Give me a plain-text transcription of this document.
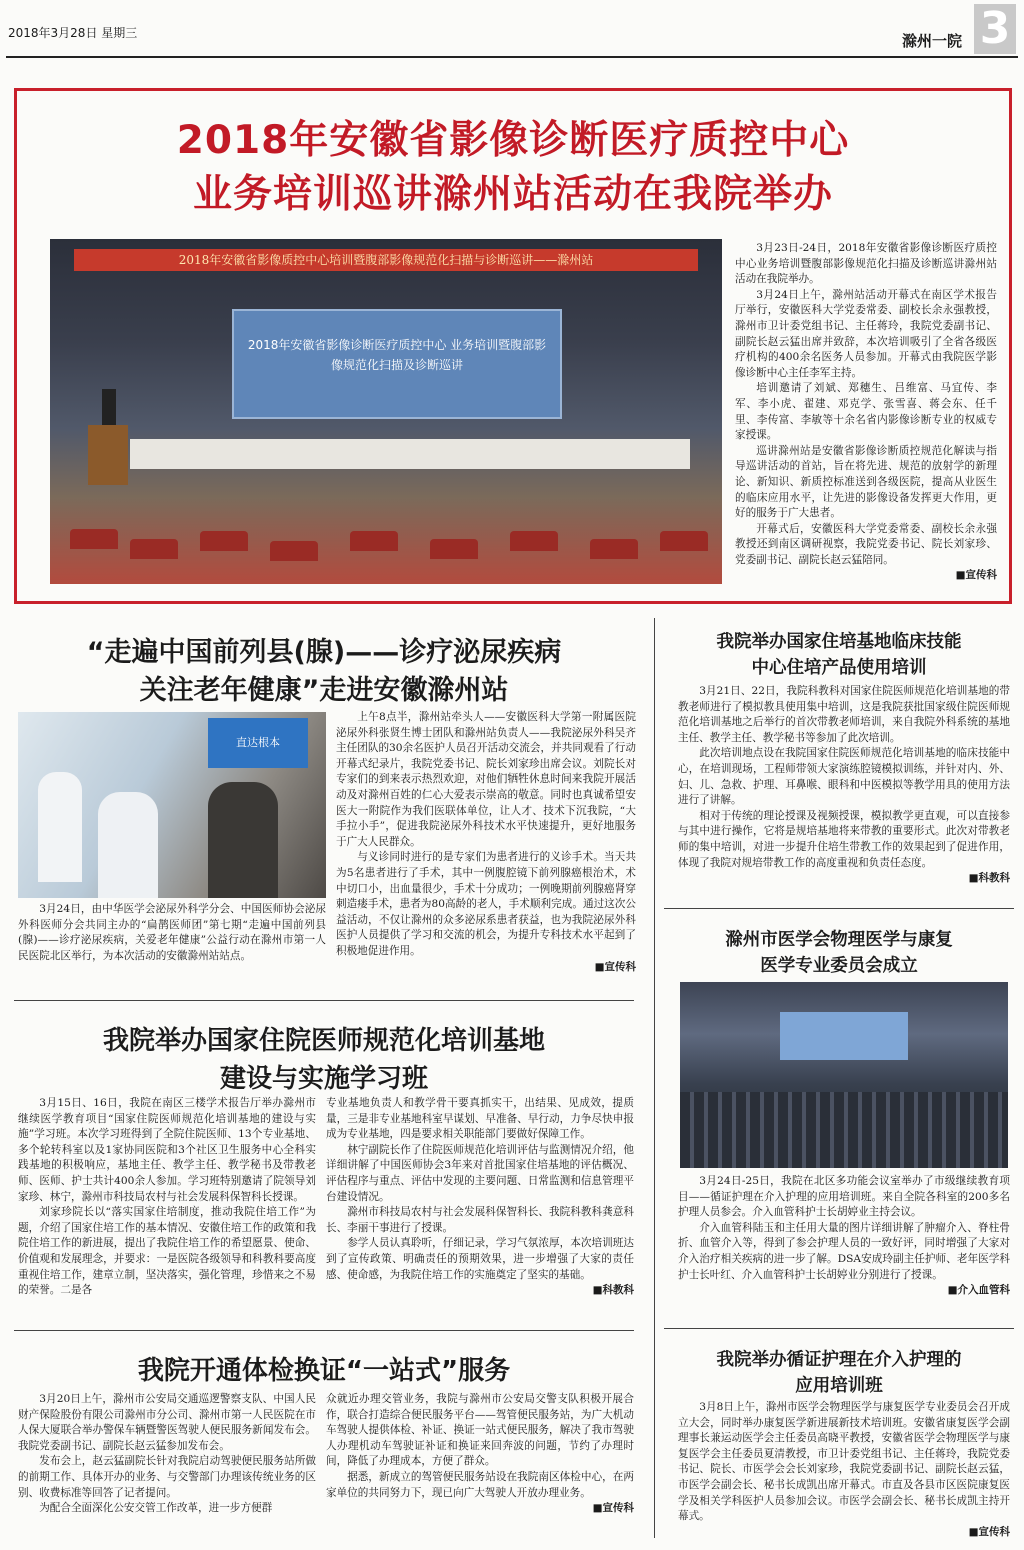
2018年3月28日 星期三	滁州一院 3
2018年安徽省影像诊断医疗质控中心
业务培训巡讲滁州站活动在我院举办
2018年安徽省影像质控中心培训暨腹部影像规范化扫描与诊断巡讲——滁州站
2018年安徽省影像诊断医疗质控中心 业务培训暨腹部影像规范化扫描及诊断巡讲

3月23日-24日，2018年安徽省影像诊断医疗质控中心业务培训暨腹部影像规范化扫描及诊断巡讲滁州站活动在我院举办。

3月24日上午，滁州站活动开幕式在南区学术报告厅举行，安徽医科大学党委常委、副校长余永强教授，滁州市卫计委党组书记、主任蒋玲，我院党委副书记、副院长赵云猛出席并致辞，本次培训吸引了全省各级医疗机构的400余名医务人员参加。开幕式由我院医学影像诊断中心主任李军主持。

培训邀请了刘斌、郑穗生、吕维富、马宜传、李军、李小虎、翟建、邓克学、张雪喜、蒋会东、任千里、李传富、李敏等十余名省内影像诊断专业的权威专家授课。

巡讲滁州站是安徽省影像诊断质控规范化解读与指导巡讲活动的首站，旨在将先进、规范的放射学的新理论、新知识、新质控标准送到各级医院，提高从业医生的临床应用水平，让先进的影像设备发挥更大作用，更好的服务于广大患者。

开幕式后，安徽医科大学党委常委、副校长余永强教授还到南区调研视察，我院党委书记、院长刘家珍、党委副书记、副院长赵云猛陪同。

■宣传科
“走遍中国前列县(腺)——诊疗泌尿疾病
关注老年健康”走进安徽滁州站
直达根本

3月24日，由中华医学会泌尿外科学分会、中国医师协会泌尿外科医师分会共同主办的“扁鹊医师团”第七期“走遍中国前列县(腺)——诊疗泌尿疾病，关爱老年健康”公益行动在滁州市第一人民医院北区举行，为本次活动的安徽滁州站站点。

上午8点半，滁州站牵头人——安徽医科大学第一附属医院泌尿外科张贤生博士团队和滁州站负责人——我院泌尿外科吴齐主任团队的30余名医护人员召开活动交流会，并共同观看了行动开幕式纪录片，我院党委书记、院长刘家珍出席会议。刘院长对专家们的到来表示热烈欢迎，对他们牺牲休息时间来我院开展活动及对滁州百姓的仁心大爱表示崇高的敬意。同时也真诚希望安医大一附院作为我们医联体单位，让人才、技术下沉我院，“大手拉小手”，促进我院泌尿外科技术水平快速提升，更好地服务于广大人民群众。

与义诊同时进行的是专家们为患者进行的义诊手术。当天共为5名患者进行了手术，其中一例腹腔镜下前列腺癌根治术，术中切口小，出血量很少，手术十分成功；一例晚期前列腺癌肾穿刺造瘘手术，患者为80高龄的老人，手术顺利完成。通过这次公益活动，不仅让滁州的众多泌尿系患者获益，也为我院泌尿外科医护人员提供了学习和交流的机会，为提升专科技术水平起到了积极地促进作用。

■宣传科
我院举办国家住院医师规范化培训基地
建设与实施学习班

3月15日、16日，我院在南区三楼学术报告厅举办滁州市继续医学教育项目“国家住院医师规范化培训基地的建设与实施”学习班。本次学习班得到了全院住院医师、13个专业基地、多个轮转科室以及1家协同医院和3个社区卫生服务中心全科实践基地的积极响应，基地主任、教学主任、教学秘书及带教老师、医师、护士共计400余人参加。学习班特别邀请了院领导刘家珍、林宁，滁州市科技局农村与社会发展科保智科长授课。

刘家珍院长以“落实国家住培制度，推动我院住培工作”为题，介绍了国家住培工作的基本情况、安徽住培工作的政策和我院住培工作的新进展，提出了我院住培工作的希望愿景、使命、价值观和发展理念，并要求：一是医院各级领导和科教科要高度重视住培工作，建章立制，坚决落实，强化管理，珍惜来之不易的荣誉。二是各

专业基地负责人和教学骨干要真抓实干，出结果、见成效，提质量，三是非专业基地科室早谋划、早准备、早行动，力争尽快申报成为专业基地，四是要求相关职能部门要做好保障工作。

林宁副院长作了住院医师规范化培训评估与监测情况介绍，他详细讲解了中国医师协会3年来对首批国家住培基地的评估概况、评估程序与重点、评估中发现的主要问题、日常监测和信息管理平台建设情况。

滁州市科技局农村与社会发展科保智科长、我院科教科龚意科长、李丽干事进行了授课。

参学人员认真聆听，仔细记录，学习气氛浓厚，本次培训班达到了宣传政策、明确责任的预期效果，进一步增强了大家的责任感、使命感，为我院住培工作的实施奠定了坚实的基础。

■科教科
我院开通体检换证“一站式”服务

3月20日上午，滁州市公安局交通巡逻警察支队、中国人民财产保险股份有限公司滁州市分公司、滁州市第一人民医院在市人保大厦联合举办警保车辆暨警医驾驶人便民服务新闻发布会。我院党委副书记、副院长赵云猛参加发布会。

发布会上，赵云猛副院长针对我院启动驾驶便民服务站所做的前期工作、具体开办的业务、与交警部门办理该传统业务的区别、收费标准等回答了记者提问。

为配合全面深化公安交管工作改革，进一步方便群

众就近办理交管业务，我院与滁州市公安局交警支队积极开展合作，联合打造综合便民服务平台——驾管便民服务站，为广大机动车驾驶人提供体检、补证、换证一站式便民服务，解决了我市驾驶人办理机动车驾驶证补证和换证来回奔波的问题，节约了办理时间，降低了办理成本，方便了群众。

据悉，新成立的驾管便民服务站设在我院南区体检中心，在两家单位的共同努力下，现已向广大驾驶人开放办理业务。

■宣传科
我院举办国家住培基地临床技能
中心住培产品使用培训

3月21日、22日，我院科教科对国家住院医师规范化培训基地的带教老师进行了模拟教具使用集中培训，这是我院获批国家级住院医师规范化培训基地之后举行的首次带教老师培训，来自我院外科系统的基地主任、教学主任、教学秘书等参加了此次培训。

此次培训地点设在我院国家住院医师规范化培训基地的临床技能中心，在培训现场，工程师带领大家演练腔镜模拟训练，并针对内、外、妇、儿、急救、护理、耳鼻喉、眼科和中医模拟等教学用具的使用方法进行了讲解。

相对于传统的理论授课及视频授课，模拟教学更直观，可以直接参与其中进行操作，它将是规培基地将来带教的重要形式。此次对带教老师的集中培训，对进一步提升住培生带教工作的效果起到了促进作用，体现了我院对规培带教工作的高度重视和负责任态度。

■科教科
滁州市医学会物理医学与康复
医学专业委员会成立

3月24日-25日，我院在北区多功能会议室举办了市级继续教育项目——循证护理在介入护理的应用培训班。来自全院各科室的200多名护理人员参会。介入血管科护士长胡婷业主持会议。

介入血管科陆玉和主任用大量的图片详细讲解了肿瘤介入、脊柱骨折、血管介入等，得到了参会护理人员的一致好评，同时增强了大家对介入治疗相关疾病的进一步了解。DSA安成玲副主任护师、老年医学科护士长叶红、介入血管科护士长胡婷业分别进行了授课。

■介入血管科
我院举办循证护理在介入护理的
应用培训班

3月8日上午，滁州市医学会物理医学与康复医学专业委员会召开成立大会，同时举办康复医学新进展新技术培训班。安徽省康复医学会副理事长兼运动医学会主任委员高晓平教授，安徽省医学会物理医学与康复医学会主任委员夏清教授，市卫计委党组书记、主任蒋玲，我院党委书记、院长、市医学会会长刘家珍，我院党委副书记、副院长赵云猛，市医学会副会长、秘书长成凯出席开幕式。市直及各县市区医院康复医学及相关学科医护人员参加会议。市医学会副会长、秘书长成凯主持开幕式。

■宣传科
